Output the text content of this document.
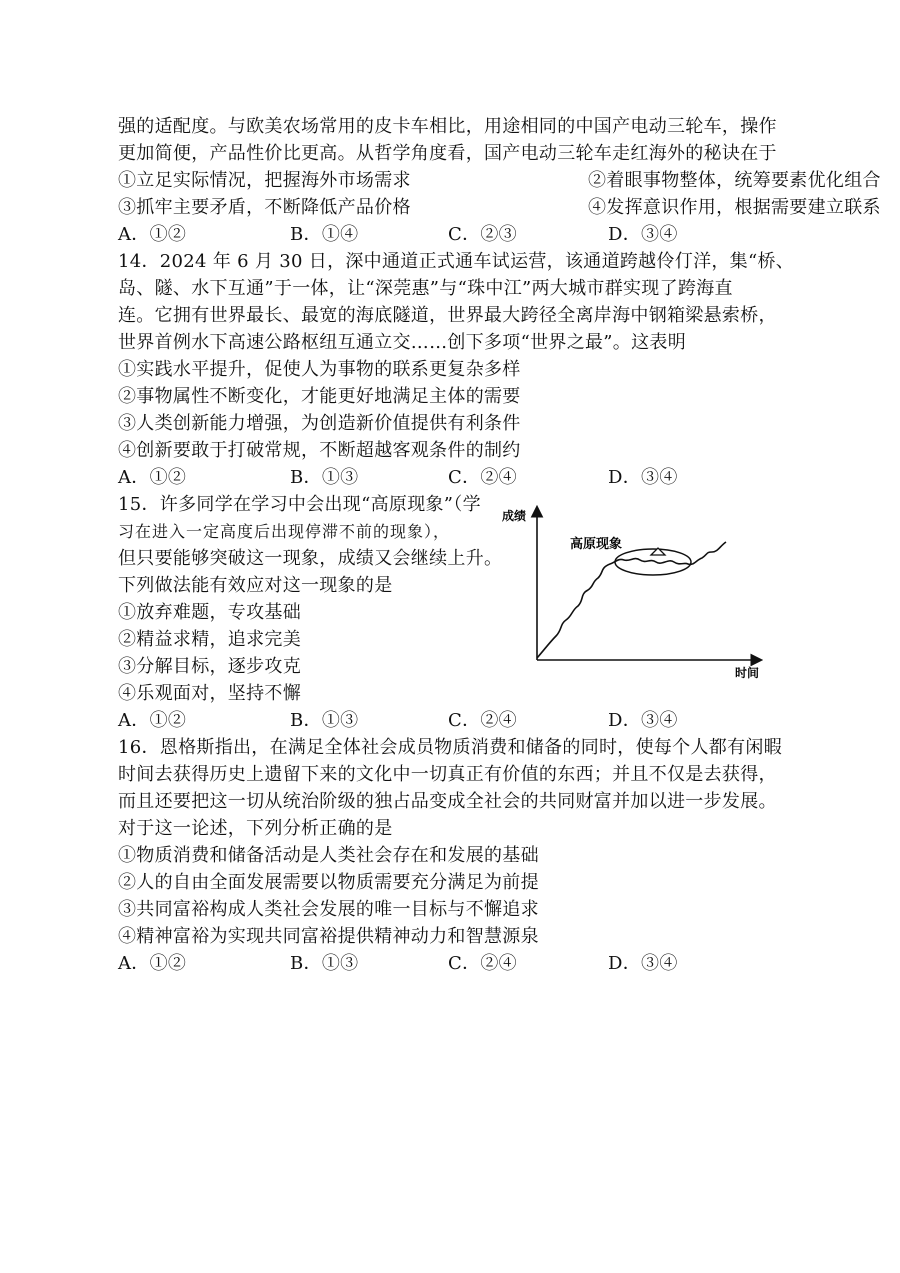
强的适配度。与欧美农场常用的皮卡车相比，用途相同的中国产电动三轮车，操作
更加简便，产品性价比更高。从哲学角度看，国产电动三轮车走红海外的秘诀在于
①立足实际情况，把握海外市场需求	②着眼事物整体，统筹要素优化组合
③抓牢主要矛盾，不断降低产品价格	④发挥意识作用，根据需要建立联系
A．①②	B．①④	C．②③	D．③④
14．2024 年 6 月 30 日，深中通道正式通车试运营，该通道跨越伶仃洋，集“桥、
岛、隧、水下互通”于一体，让“深莞惠”与“珠中江”两大城市群实现了跨海直
连。它拥有世界最长、最宽的海底隧道，世界最大跨径全离岸海中钢箱梁悬索桥，
世界首例水下高速公路枢纽互通立交……创下多项“世界之最”。这表明
①实践水平提升，促使人为事物的联系更复杂多样
②事物属性不断变化，才能更好地满足主体的需要
③人类创新能力增强，为创造新价值提供有利条件
④创新要敢于打破常规，不断超越客观条件的制约
A．①②	B．①③	C．②④	D．③④
15．许多同学在学习中会出现“高原现象”（学
习在进入一定高度后出现停滞不前的现象），
但只要能够突破这一现象，成绩又会继续上升。
下列做法能有效应对这一现象的是
①放弃难题，专攻基础
②精益求精，追求完美
③分解目标，逐步攻克
④乐观面对，坚持不懈
A．①②	B．①③	C．②④	D．③④
成绩
时间
高原现象
16．恩格斯指出，在满足全体社会成员物质消费和储备的同时，使每个人都有闲暇
时间去获得历史上遗留下来的文化中一切真正有价值的东西；并且不仅是去获得，
而且还要把这一切从统治阶级的独占品变成全社会的共同财富并加以进一步发展。
对于这一论述，下列分析正确的是
①物质消费和储备活动是人类社会存在和发展的基础
②人的自由全面发展需要以物质需要充分满足为前提
③共同富裕构成人类社会发展的唯一目标与不懈追求
④精神富裕为实现共同富裕提供精神动力和智慧源泉
A．①②	B．①③	C．②④	D．③④
